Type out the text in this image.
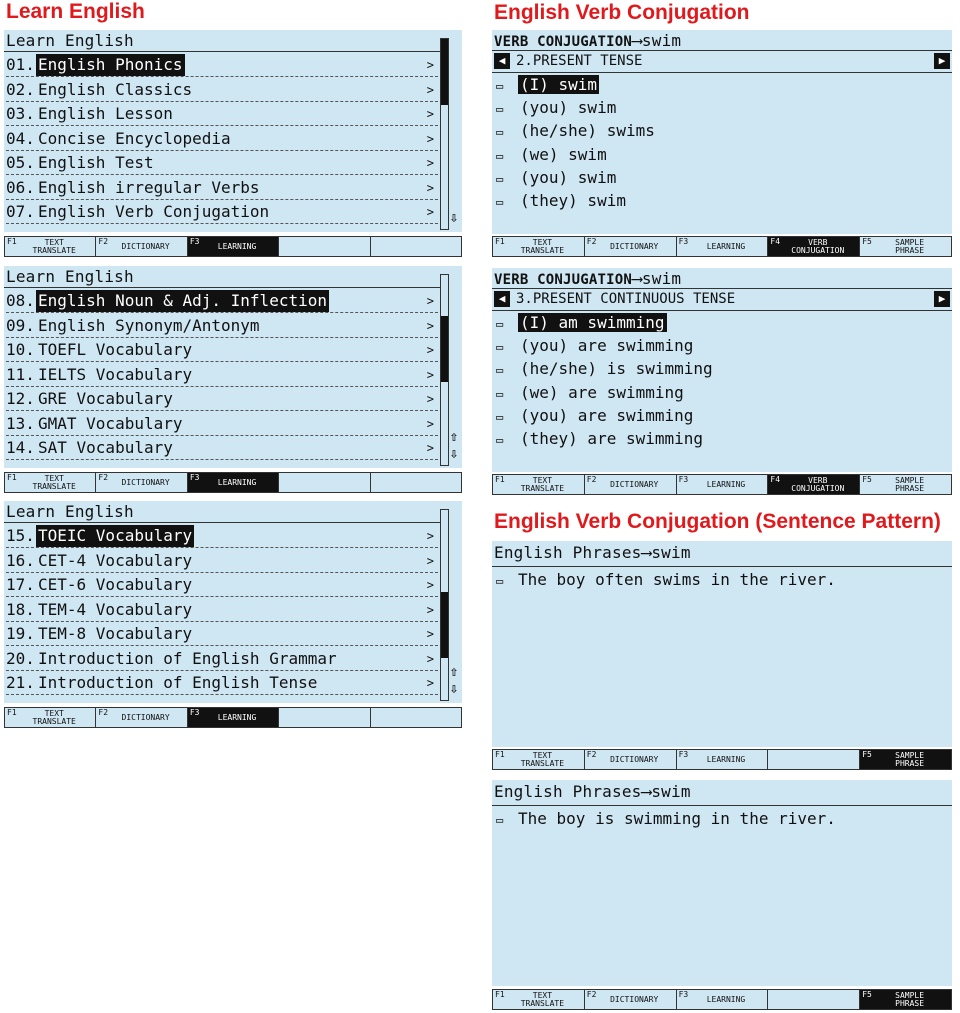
Learn English	English Verb Conjugation
English Verb Conjugation (Sentence Pattern)
Learn English
01. English Phonics	>
02. English Classics	>
03. English Lesson	>
04. Concise Encyclopedia	>
05. English Test	>
06. English irregular Verbs	>
07. English Verb Conjugation	> ⇩
F1	TEXT
TRANSLATE
F2	DICTIONARY	F3	LEARNING
Learn English
08. English Noun & Adj. Inflection	>
09. English Synonym/Antonym	>
10. TOEFL Vocabulary	>
11. IELTS Vocabulary	>
12. GRE Vocabulary	>
13. GMAT Vocabulary	>
14. SAT Vocabulary	>
⇧
⇩
F1	TEXT
TRANSLATE
F2	DICTIONARY	F3	LEARNING
Learn English
15. TOEIC Vocabulary	>
16. CET-4 Vocabulary	>
17. CET-6 Vocabulary	>
18. TEM-4 Vocabulary	>
19. TEM-8 Vocabulary	>
20. Introduction of English Grammar	>
21. Introduction of English Tense	>
⇧
⇩
F1	TEXT
TRANSLATE
F2	DICTIONARY	F3	LEARNING
VERB CONJUGATION⟶swim
◀ 2.PRESENT TENSE	▶
▭ (I) swim
▭ (you) swim
▭ (he/she) swims
▭ (we) swim
▭ (you) swim
▭ (they) swim
F1	TEXT
TRANSLATE
F2	DICTIONARY	F3	LEARNING	F4	VERB
CONJUGATION
F5	SAMPLE
PHRASE
VERB CONJUGATION⟶swim
◀ 3.PRESENT CONTINUOUS TENSE	▶
▭ (I) am swimming
▭ (you) are swimming
▭ (he/she) is swimming
▭ (we) are swimming
▭ (you) are swimming
▭ (they) are swimming
F1	TEXT
TRANSLATE
F2	DICTIONARY	F3	LEARNING	F4	VERB
CONJUGATION
F5	SAMPLE
PHRASE
English Phrases⟶swim
▭ The boy often swims in the river.
F1	TEXT
TRANSLATE
F2	DICTIONARY	F3	LEARNING	F5	SAMPLE
PHRASE
English Phrases⟶swim
▭ The boy is swimming in the river.
F1	TEXT
TRANSLATE
F2	DICTIONARY	F3	LEARNING	F5	SAMPLE
PHRASE
